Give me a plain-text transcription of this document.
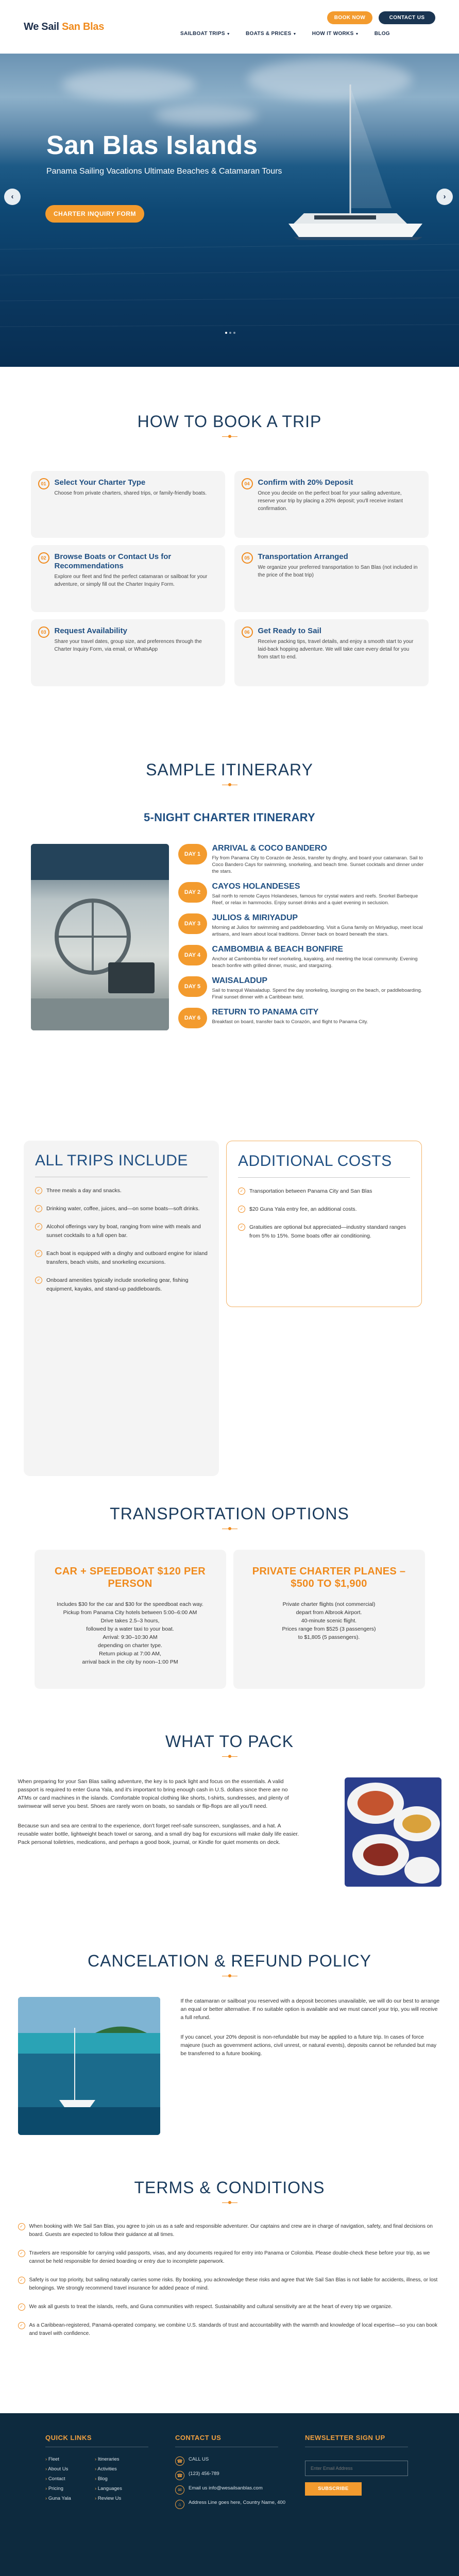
We Sail San Blas
SAILBOAT TRIPS ▼	BOATS & PRICES ▼	HOW IT WORKS ▼	BLOG
BOOK NOW	CONTACT US
San Blas Islands
Panama Sailing Vacations Ultimate Beaches & Catamaran Tours
CHARTER INQUIRY FORM
‹	›
HOW TO BOOK A TRIP
01	Select Your Charter Type
Choose from private charters, shared trips, or family-friendly boats.
04	Confirm with 20% Deposit
Once you decide on the perfect boat for your sailing adventure, reserve your trip by placing a 20% deposit; you'll receive instant confirmation.
02	Browse Boats or Contact Us for Recommendations
Explore our fleet and find the perfect catamaran or sailboat for your adventure, or simply fill out the Charter Inquiry Form.
05	Transportation Arranged
We organize your preferred transportation to San Blas (not included in the price of the boat trip)
03	Request Availability
Share your travel dates, group size, and preferences through the Charter Inquiry Form, via email, or WhatsApp
06	Get Ready to Sail
Receive packing tips, travel details, and enjoy a smooth start to your laid-back hopping adventure. We will take care every detail for you from start to end.
SAMPLE ITINERARY
5-NIGHT CHARTER ITINERARY
DAY 1
ARRIVAL & COCO BANDERO
Fly from Panama City to Corazón de Jesús, transfer by dinghy, and board your catamaran. Sail to Coco Bandero Cays for swimming, snorkeling, and beach time. Sunset cocktails and dinner under the stars.
DAY 2
CAYOS HOLANDESES
Sail north to remote Cayos Holandeses, famous for crystal waters and reefs. Snorkel Barbeque Reef, or relax in hammocks. Enjoy sunset drinks and a quiet evening in seclusion.
DAY 3
JULIOS & MIRIYADUP
Morning at Julios for swimming and paddleboarding. Visit a Guna family on Miriyadiup, meet local artisans, and learn about local traditions. Dinner back on board beneath the stars.
DAY 4
CAMBOMBIA & BEACH BONFIRE
Anchor at Cambombia for reef snorkeling, kayaking, and meeting the local community. Evening beach bonfire with grilled dinner, music, and stargazing.
DAY 5
WAISALADUP
Sail to tranquil Waisaladup. Spend the day snorkeling, lounging on the beach, or paddleboarding. Final sunset dinner with a Caribbean twist.
DAY 6
RETURN TO PANAMA CITY
Breakfast on board, transfer back to Corazón, and flight to Panama City.
ALL TRIPS INCLUDE
✓	Three meals a day and snacks.
✓	Drinking water, coffee, juices, and—on some boats—soft drinks.
✓	Alcohol offerings vary by boat, ranging from wine with meals and sunset cocktails to a full open bar.
✓	Each boat is equipped with a dinghy and outboard engine for island transfers, beach visits, and snorkeling excursions.
✓	Onboard amenities typically include snorkeling gear, fishing equipment, kayaks, and stand-up paddleboards.
ADDITIONAL COSTS
✓	Transportation between Panama City and San Blas
✓	$20 Guna Yala entry fee, an additional costs.
✓	Gratuities are optional but appreciated—industry standard ranges from 5% to 15%. Some boats offer air conditioning.
TRANSPORTATION OPTIONS
CAR + SPEEDBOAT $120 PER PERSON
Includes $30 for the car and $30 for the speedboat each way.
Pickup from Panama City hotels between 5:00–6:00 AM
Drive takes 2.5–3 hours,
followed by a water taxi to your boat.
Arrival: 9:30–10:30 AM
depending on charter type.
Return pickup at 7:00 AM,
arrival back in the city by noon–1:00 PM
PRIVATE CHARTER PLANES – $500 TO $1,900
Private charter flights (not commercial)
depart from Albrook Airport.
40-minute scenic flight.
Prices range from $525 (3 passengers)
to $1,805 (5 passengers).
WHAT TO PACK

When preparing for your San Blas sailing adventure, the key is to pack light and focus on the essentials. A valid passport is required to enter Guna Yala, and it's important to bring enough cash in U.S. dollars since there are no ATMs or card machines in the islands. Comfortable tropical clothing like shorts, t-shirts, sundresses, and plenty of swimwear will serve you best. Shoes are rarely worn on boats, so sandals or flip-flops are all you'll need.

Because sun and sea are central to the experience, don't forget reef-safe sunscreen, sunglasses, and a hat. A reusable water bottle, lightweight beach towel or sarong, and a small dry bag for excursions will make daily life easier. Pack personal toiletries, medications, and perhaps a good book, journal, or Kindle for quiet moments on deck.

CANCELATION & REFUND POLICY

If the catamaran or sailboat you reserved with a deposit becomes unavailable, we will do our best to arrange an equal or better alternative. If no suitable option is available and we must cancel your trip, you will receive a full refund.

If you cancel, your 20% deposit is non-refundable but may be applied to a future trip. In cases of force majeure (such as government actions, civil unrest, or natural events), deposits cannot be refunded but may be transferred to a future booking.

TERMS & CONDITIONS
✓	When booking with We Sail San Blas, you agree to join us as a safe and responsible adventurer. Our captains and crew are in charge of navigation, safety, and final decisions on board. Guests are expected to follow their guidance at all times.
✓	Travelers are responsible for carrying valid passports, visas, and any documents required for entry into Panama or Colombia. Please double-check these before your trip, as we cannot be held responsible for denied boarding or entry due to incomplete paperwork.
✓	Safety is our top priority, but sailing naturally carries some risks. By booking, you acknowledge these risks and agree that We Sail San Blas is not liable for accidents, illness, or lost belongings. We strongly recommend travel insurance for added peace of mind.
✓	We ask all guests to treat the islands, reefs, and Guna communities with respect. Sustainability and cultural sensitivity are at the heart of every trip we organize.
✓	As a Caribbean-registered, Panamá-operated company, we combine U.S. standards of trust and accountability with the warmth and knowledge of local expertise—so you can book and travel with confidence.
QUICK LINKS
› Fleet	› Itineraries
› About Us	› Activities
› Contact	› Blog
› Pricing	› Languages
› Guna Yala	› Review Us
CONTACT US
☎	CALL US
☎	(123) 456-789
✉	Email us info@wesailsanblas.com
⌂	Address Line goes here, Country Name, 400
NEWSLETTER SIGN UP
Enter Email Address
SUBSCRIBE
